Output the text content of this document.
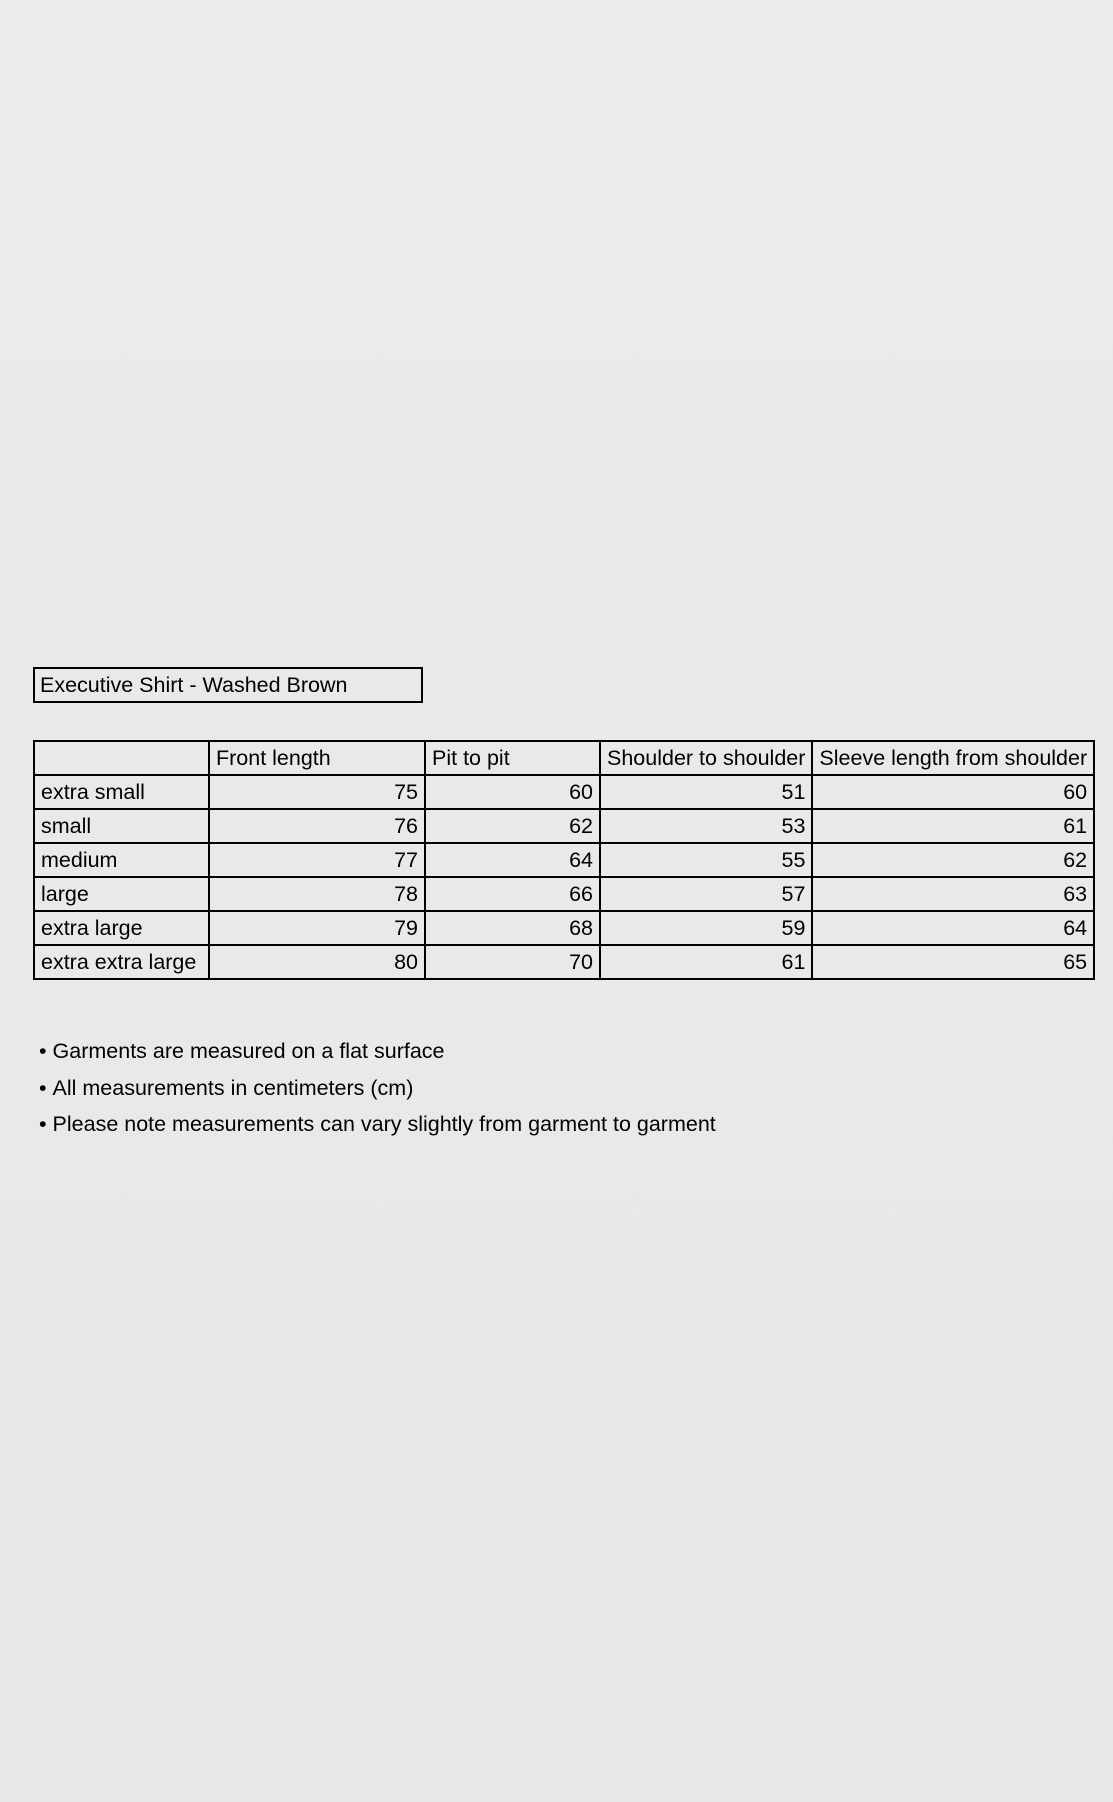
Executive Shirt - Washed Brown
	Front length	Pit to pit	Shoulder to shoulder	Sleeve length from shoulder
extra small	75	60	51	60
small	76	62	53	61
medium	77	64	55	62
large	78	66	57	63
extra large	79	68	59	64
extra extra large	80	70	61	65
• Garments are measured on a flat surface
• All measurements in centimeters (cm)
• Please note measurements can vary slightly from garment to garment
